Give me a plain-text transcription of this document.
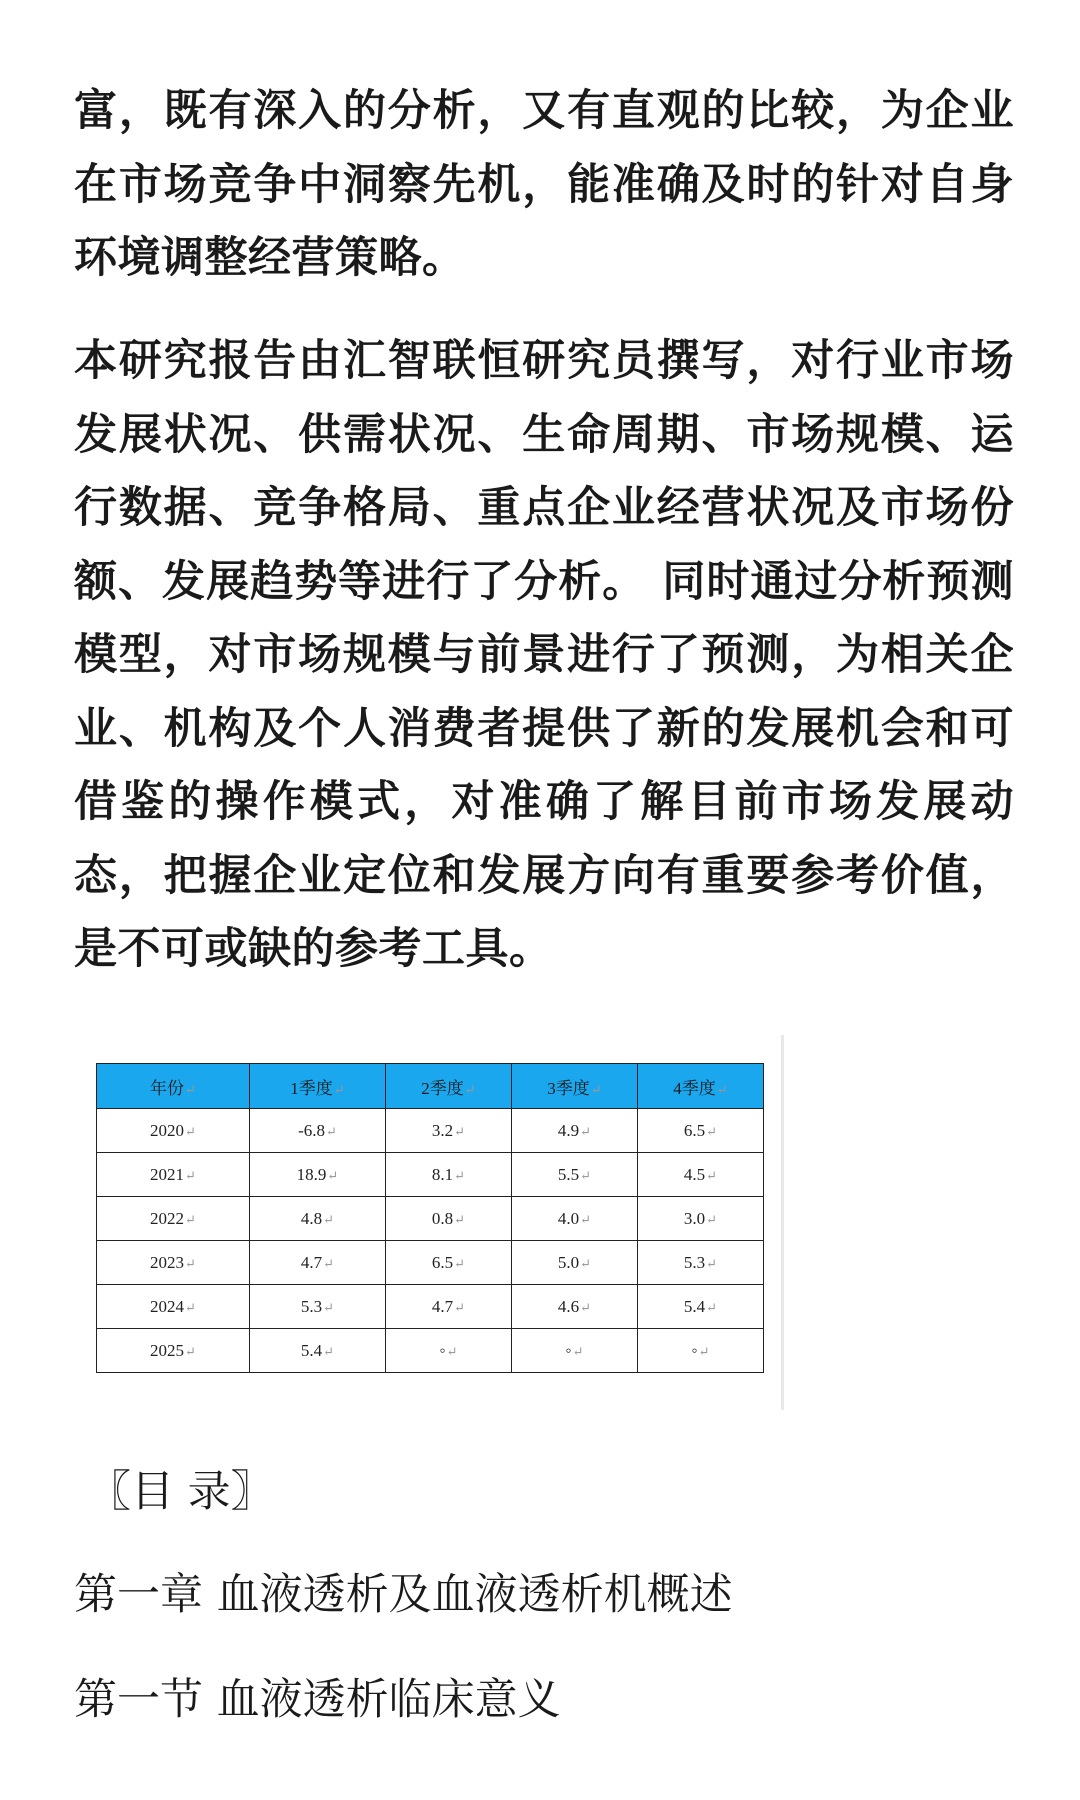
富，既有深入的分析，又有直观的比较，为企业在市场竞争中洞察先机，能准确及时的针对自身环境调整经营策略。

本研究报告由汇智联恒研究员撰写，对行业市场发展状况、供需状况、生命周期、市场规模、运行数据、竞争格局、重点企业经营状况及市场份额、发展趋势等进行了分析。 同时通过分析预测模型，对市场规模与前景进行了预测，为相关企业、机构及个人消费者提供了新的发展机会和可借鉴的操作模式，对准确了解目前市场发展动态，把握企业定位和发展方向有重要参考价值，是不可或缺的参考工具。

年份↵	1季度↵	2季度↵	3季度↵	4季度↵
2020↵	-6.8↵	3.2↵	4.9↵	6.5↵
2021↵	18.9↵	8.1↵	5.5↵	4.5↵
2022↵	4.8↵	0.8↵	4.0↵	3.0↵
2023↵	4.7↵	6.5↵	5.0↵	5.3↵
2024↵	5.3↵	4.7↵	4.6↵	5.4↵
2025↵	5.4↵	◦↵	◦↵	◦↵

〖目 录〗

第一章 血液透析及血液透析机概述

第一节 血液透析临床意义
